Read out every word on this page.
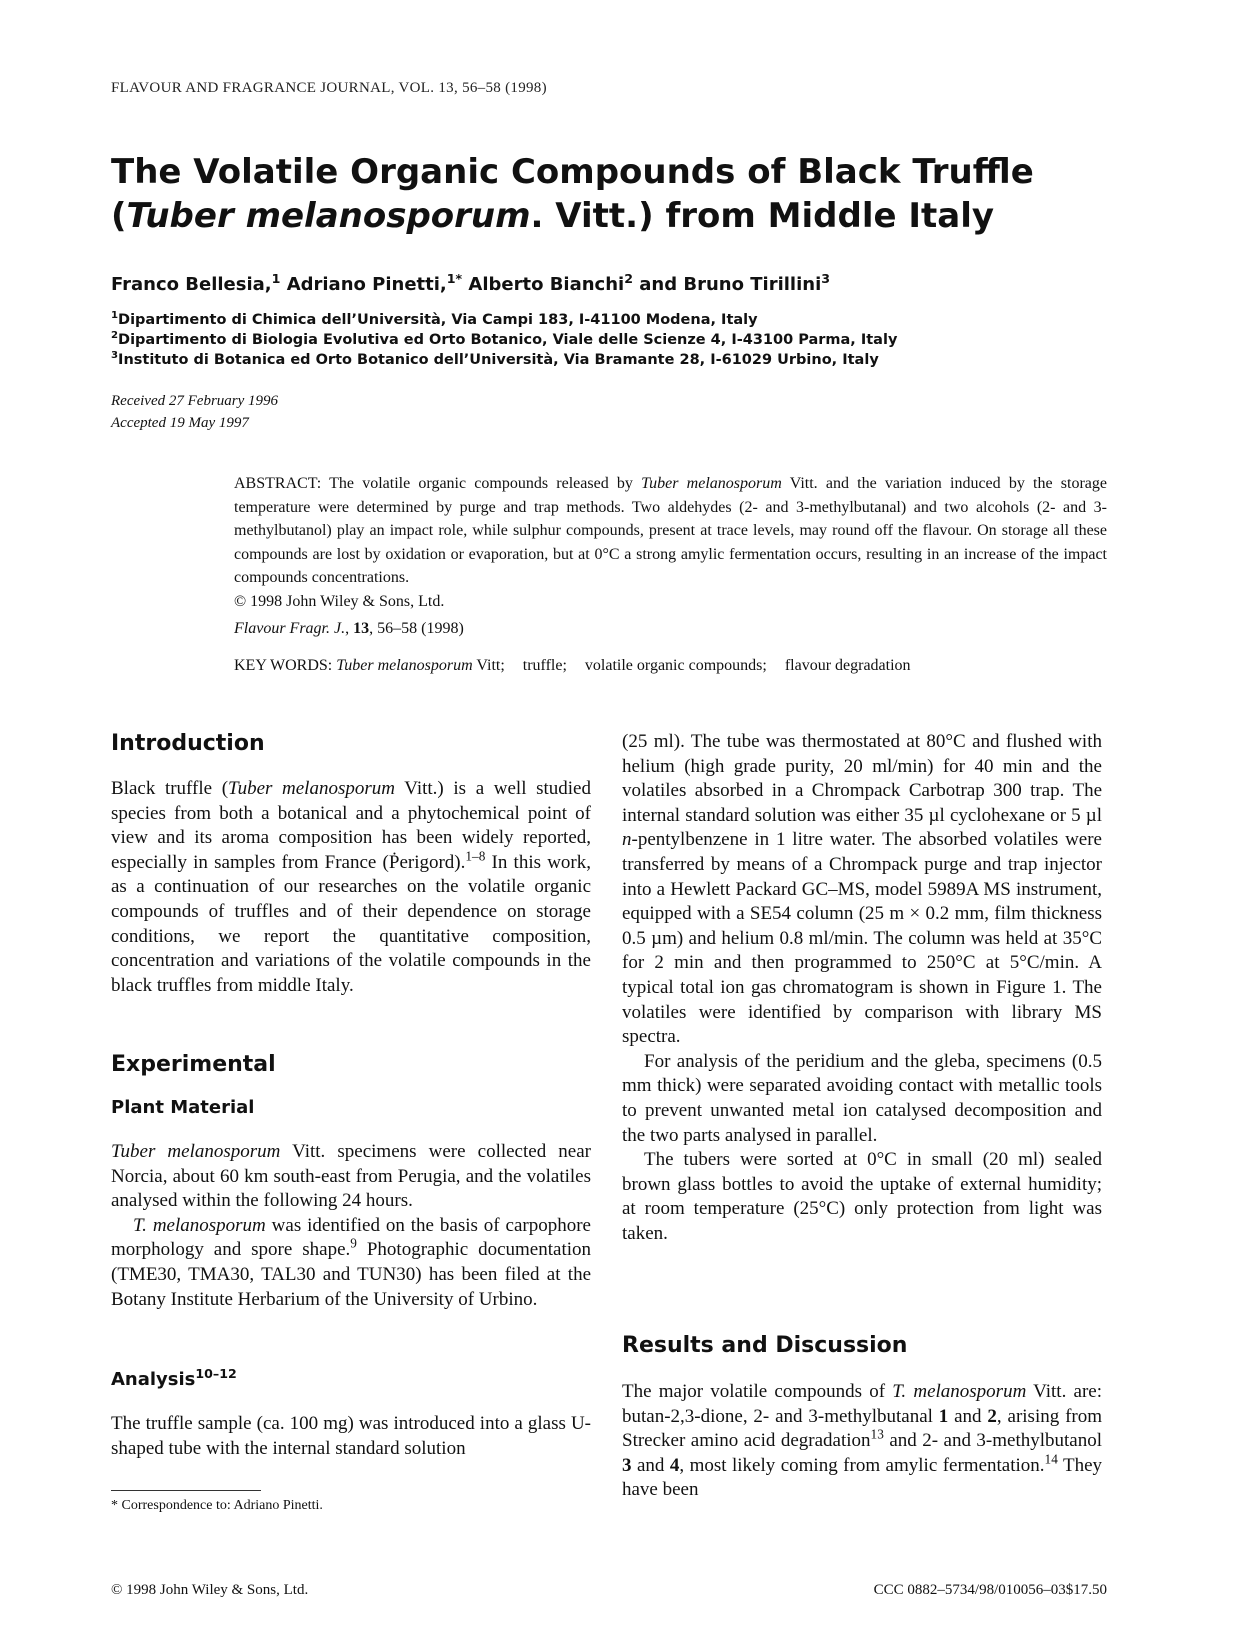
FLAVOUR AND FRAGRANCE JOURNAL, VOL. 13, 56–58 (1998)
The Volatile Organic Compounds of Black Truffle
(Tuber melanosporum. Vitt.) from Middle Italy
Franco Bellesia,$^1$ Adriano Pinetti,$^{1*}$ Alberto Bianchi$^2$ and Bruno Tirillini$^3$
$^1$Dipartimento di Chimica dell’Università, Via Campi 183, I-41100 Modena, Italy
$^2$Dipartimento di Biologia Evolutiva ed Orto Botanico, Viale delle Scienze 4, I-43100 Parma, Italy
$^3$Instituto di Botanica ed Orto Botanico dell’Università, Via Bramante 28, I-61029 Urbino, Italy
Received 27 February 1996
Accepted 19 May 1997

ABSTRACT: The volatile organic compounds released by Tuber melanosporum Vitt. and the variation induced by the storage temperature were determined by purge and trap methods. Two aldehydes (2- and 3-methylbutanal) and two alcohols (2- and 3-methylbutanol) play an impact role, while sulphur compounds, present at trace levels, may round off the flavour. On storage all these compounds are lost by oxidation or evaporation, but at 0°C a strong amylic fermentation occurs, resulting in an increase of the impact compounds concentrations.
© 1998 John Wiley & Sons, Ltd.

Flavour Fragr. J., 13, 56–58 (1998)
KEY WORDS: Tuber melanosporum Vitt; truffle; volatile organic compounds; flavour degradation
Introduction

Black truffle (Tuber melanosporum Vitt.) is a well studied species from both a botanical and a phytochemical point of view and its aroma composition has been widely reported, especially in samples from France (Ṗerigord).$^{1-8}$ In this work, as a continuation of our researches on the volatile organic compounds of truffles and of their dependence on storage conditions, we report the quantitative composition, concentration and variations of the volatile compounds in the black truffles from middle Italy.

Experimental
Plant Material

Tuber melanosporum Vitt. specimens were collected near Norcia, about 60 km south-east from Perugia, and the volatiles analysed within the following 24 hours.

T. melanosporum was identified on the basis of carpophore morphology and spore shape.$^9$ Photographic documentation (TME30, TMA30, TAL30 and TUN30) has been filed at the Botany Institute Herbarium of the University of Urbino.

Analysis$^{10-12}$

The truffle sample (ca. 100 mg) was introduced into a glass U-shaped tube with the internal standard solution

(25 ml). The tube was thermostated at 80°C and flushed with helium (high grade purity, 20 ml/min) for 40 min and the volatiles absorbed in a Chrompack Carbotrap 300 trap. The internal standard solution was either 35 µl cyclohexane or 5 µl n-pentylbenzene in 1 litre water. The absorbed volatiles were transferred by means of a Chrompack purge and trap injector into a Hewlett Packard GC–MS, model 5989A MS instrument, equipped with a SE54 column (25 m × 0.2 mm, film thickness 0.5 µm) and helium 0.8 ml/min. The column was held at 35°C for 2 min and then programmed to 250°C at 5°C/min. A typical total ion gas chromatogram is shown in Figure 1. The volatiles were identified by comparison with library MS spectra.

For analysis of the peridium and the gleba, specimens (0.5 mm thick) were separated avoiding contact with metallic tools to prevent unwanted metal ion catalysed decomposition and the two parts analysed in parallel.

The tubers were sorted at 0°C in small (20 ml) sealed brown glass bottles to avoid the uptake of external humidity; at room temperature (25°C) only protection from light was taken.

Results and Discussion

The major volatile compounds of T. melanosporum Vitt. are: butan-2,3-dione, 2- and 3-methylbutanal 1 and 2, arising from Strecker amino acid degradation$^{13}$ and 2- and 3-methylbutanol 3 and 4, most likely coming from amylic fermentation.$^{14}$ They have been

* Correspondence to: Adriano Pinetti.
© 1998 John Wiley & Sons, Ltd.	CCC 0882–5734/98/010056–03$17.50
